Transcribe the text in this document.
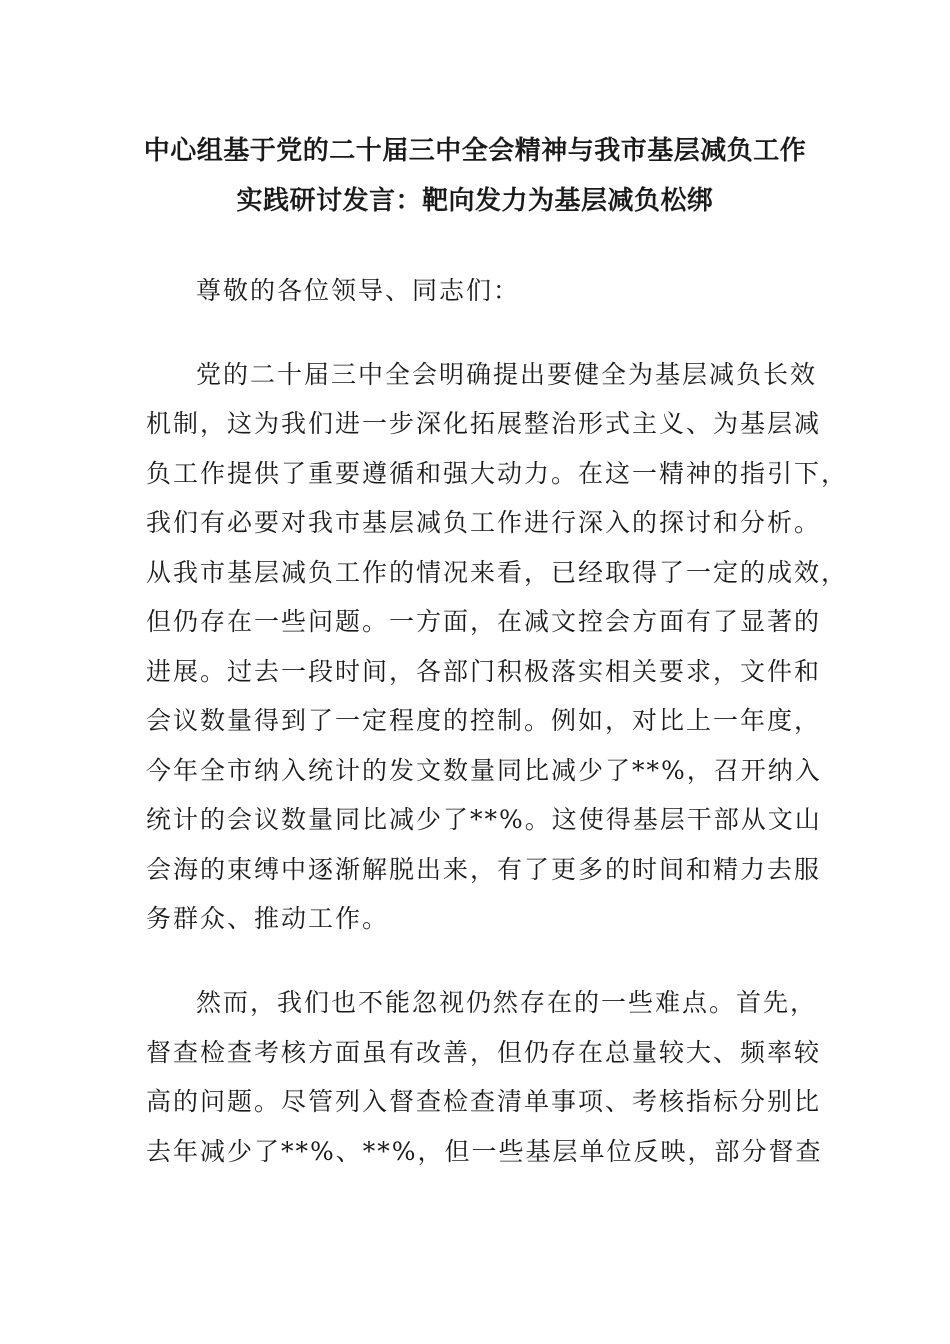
中心组基于党的二十届三中全会精神与我市基层减负工作
实践研讨发言：靶向发力为基层减负松绑
尊敬的各位领导、同志们：
党的二十届三中全会明确提出要健全为基层减负长效
机制，这为我们进一步深化拓展整治形式主义、为基层减
负工作提供了重要遵循和强大动力。在这一精神的指引下，
我们有必要对我市基层减负工作进行深入的探讨和分析。
从我市基层减负工作的情况来看，已经取得了一定的成效，
但仍存在一些问题。一方面，在减文控会方面有了显著的
进展。过去一段时间，各部门积极落实相关要求，文件和
会议数量得到了一定程度的控制。例如，对比上一年度，
今年全市纳入统计的发文数量同比减少了**%，召开纳入
统计的会议数量同比减少了**%。这使得基层干部从文山
会海的束缚中逐渐解脱出来，有了更多的时间和精力去服
务群众、推动工作。
然而，我们也不能忽视仍然存在的一些难点。首先，
督查检查考核方面虽有改善，但仍存在总量较大、频率较
高的问题。尽管列入督查检查清单事项、考核指标分别比
去年减少了**%、**%，但一些基层单位反映，部分督查
